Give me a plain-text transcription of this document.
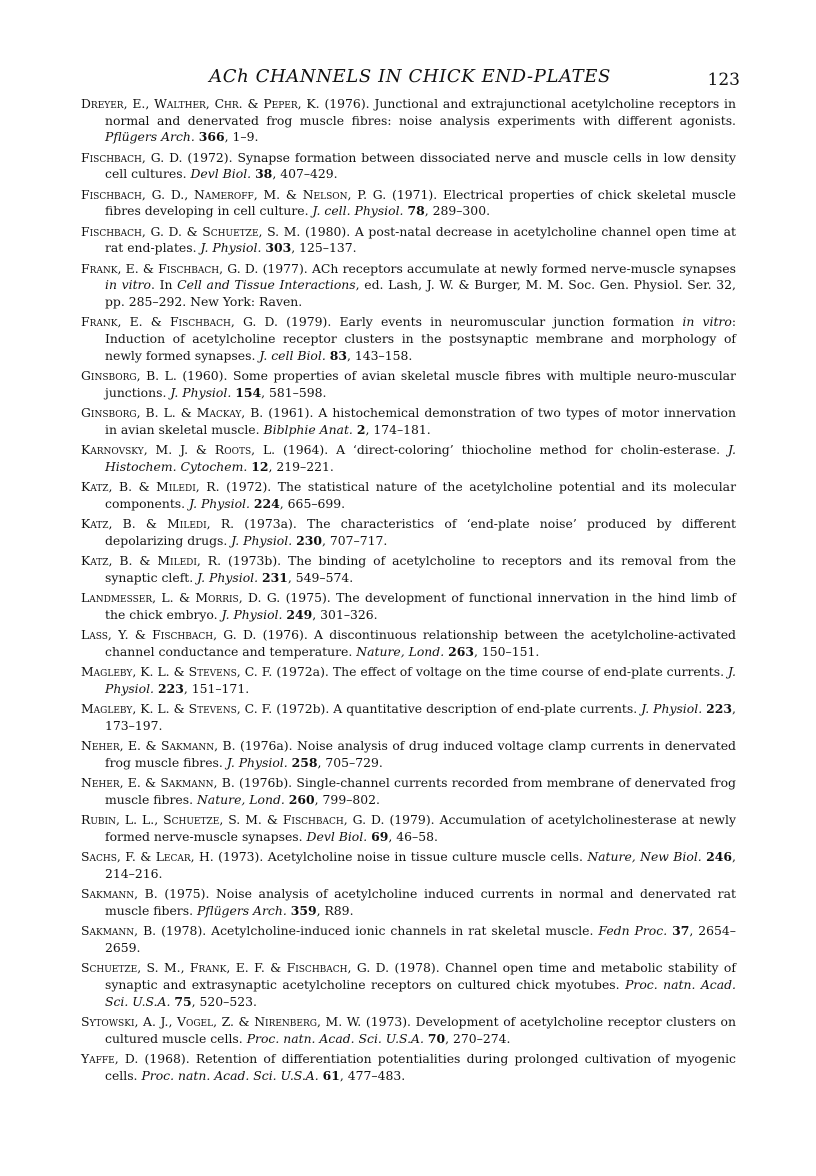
ACh CHANNELS IN CHICK END-PLATES	123
Dreyer, E., Walther, Chr. & Peper, K. (1976). Junctional and extrajunctional acetylcholine receptors in normal and denervated frog muscle fibres: noise analysis experiments with different agonists. Pflügers Arch. 366, 1–9.
Fischbach, G. D. (1972). Synapse formation between dissociated nerve and muscle cells in low density cell cultures. Devl Biol. 38, 407–429.
Fischbach, G. D., Nameroff, M. & Nelson, P. G. (1971). Electrical properties of chick skeletal muscle fibres developing in cell culture. J. cell. Physiol. 78, 289–300.
Fischbach, G. D. & Schuetze, S. M. (1980). A post-natal decrease in acetylcholine channel open time at rat end-plates. J. Physiol. 303, 125–137.
Frank, E. & Fischbach, G. D. (1977). ACh receptors accumulate at newly formed nerve-muscle synapses in vitro. In Cell and Tissue Interactions, ed. Lash, J. W. & Burger, M. M. Soc. Gen. Physiol. Ser. 32, pp. 285–292. New York: Raven.
Frank, E. & Fischbach, G. D. (1979). Early events in neuromuscular junction formation in vitro: Induction of acetylcholine receptor clusters in the postsynaptic membrane and morphology of newly formed synapses. J. cell Biol. 83, 143–158.
Ginsborg, B. L. (1960). Some properties of avian skeletal muscle fibres with multiple neuro-muscular junctions. J. Physiol. 154, 581–598.
Ginsborg, B. L. & Mackay, B. (1961). A histochemical demonstration of two types of motor innervation in avian skeletal muscle. Biblphie Anat. 2, 174–181.
Karnovsky, M. J. & Roots, L. (1964). A ‘direct-coloring’ thiocholine method for cholin-esterase. J. Histochem. Cytochem. 12, 219–221.
Katz, B. & Miledi, R. (1972). The statistical nature of the acetylcholine potential and its molecular components. J. Physiol. 224, 665–699.
Katz, B. & Miledi, R. (1973a). The characteristics of ‘end-plate noise’ produced by different depolarizing drugs. J. Physiol. 230, 707–717.
Katz, B. & Miledi, R. (1973b). The binding of acetylcholine to receptors and its removal from the synaptic cleft. J. Physiol. 231, 549–574.
Landmesser, L. & Morris, D. G. (1975). The development of functional innervation in the hind limb of the chick embryo. J. Physiol. 249, 301–326.
Lass, Y. & Fischbach, G. D. (1976). A discontinuous relationship between the acetylcholine-activated channel conductance and temperature. Nature, Lond. 263, 150–151.
Magleby, K. L. & Stevens, C. F. (1972a). The effect of voltage on the time course of end-plate currents. J. Physiol. 223, 151–171.
Magleby, K. L. & Stevens, C. F. (1972b). A quantitative description of end-plate currents. J. Physiol. 223, 173–197.
Neher, E. & Sakmann, B. (1976a). Noise analysis of drug induced voltage clamp currents in denervated frog muscle fibres. J. Physiol. 258, 705–729.
Neher, E. & Sakmann, B. (1976b). Single-channel currents recorded from membrane of denervated frog muscle fibres. Nature, Lond. 260, 799–802.
Rubin, L. L., Schuetze, S. M. & Fischbach, G. D. (1979). Accumulation of acetylcholinesterase at newly formed nerve-muscle synapses. Devl Biol. 69, 46–58.
Sachs, F. & Lecar, H. (1973). Acetylcholine noise in tissue culture muscle cells. Nature, New Biol. 246, 214–216.
Sakmann, B. (1975). Noise analysis of acetylcholine induced currents in normal and denervated rat muscle fibers. Pflügers Arch. 359, R89.
Sakmann, B. (1978). Acetylcholine-induced ionic channels in rat skeletal muscle. Fedn Proc. 37, 2654–2659.
Schuetze, S. M., Frank, E. F. & Fischbach, G. D. (1978). Channel open time and metabolic stability of synaptic and extrasynaptic acetylcholine receptors on cultured chick myotubes. Proc. natn. Acad. Sci. U.S.A. 75, 520–523.
Sytowski, A. J., Vogel, Z. & Nirenberg, M. W. (1973). Development of acetylcholine receptor clusters on cultured muscle cells. Proc. natn. Acad. Sci. U.S.A. 70, 270–274.
Yaffe, D. (1968). Retention of differentiation potentialities during prolonged cultivation of myogenic cells. Proc. natn. Acad. Sci. U.S.A. 61, 477–483.
